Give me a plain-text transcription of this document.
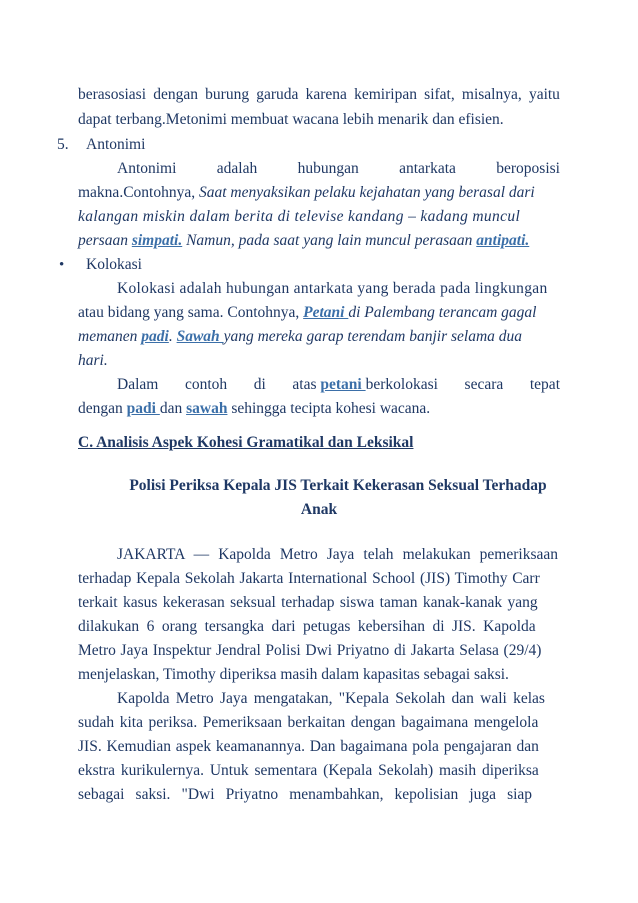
berasosiasi dengan burung garuda karena kemiripan sifat, misalnya, yaitu
dapat terbang.Metonimi membuat wacana lebih menarik dan efisien.
5. Antonimi
Antonimi	adalah	hubungan	antarkata	beroposisi
makna.Contohnya, Saat menyaksikan pelaku kejahatan yang berasal dari
kalangan miskin dalam berita di televise kandang – kadang muncul
persaan simpati. Namun, pada saat yang lain muncul perasaan antipati.
• Kolokasi
Kolokasi adalah hubungan antarkata yang berada pada lingkungan
atau bidang yang sama. Contohnya, Petani di Palembang terancam gagal
memanen padi. Sawah yang mereka garap terendam banjir selama dua
hari.
Dalam contoh di atas petani berkolokasi secara tepat
dengan padi dan sawah sehingga tecipta kohesi wacana.
C. Analisis Aspek Kohesi Gramatikal dan Leksikal
Polisi Periksa Kepala JIS Terkait Kekerasan Seksual Terhadap
Anak
JAKARTA — Kapolda Metro Jaya telah melakukan pemeriksaan
terhadap Kepala Sekolah Jakarta International School (JIS) Timothy Carr
terkait kasus kekerasan seksual terhadap siswa taman kanak-kanak yang
dilakukan 6 orang tersangka dari petugas kebersihan di JIS. Kapolda
Metro Jaya Inspektur Jendral Polisi Dwi Priyatno di Jakarta Selasa (29/4)
menjelaskan, Timothy diperiksa masih dalam kapasitas sebagai saksi.
Kapolda Metro Jaya mengatakan, "Kepala Sekolah dan wali kelas
sudah kita periksa. Pemeriksaan berkaitan dengan bagaimana mengelola
JIS. Kemudian aspek keamanannya. Dan bagaimana pola pengajaran dan
ekstra kurikulernya. Untuk sementara (Kepala Sekolah) masih diperiksa
sebagai saksi. "Dwi Priyatno menambahkan, kepolisian juga siap
